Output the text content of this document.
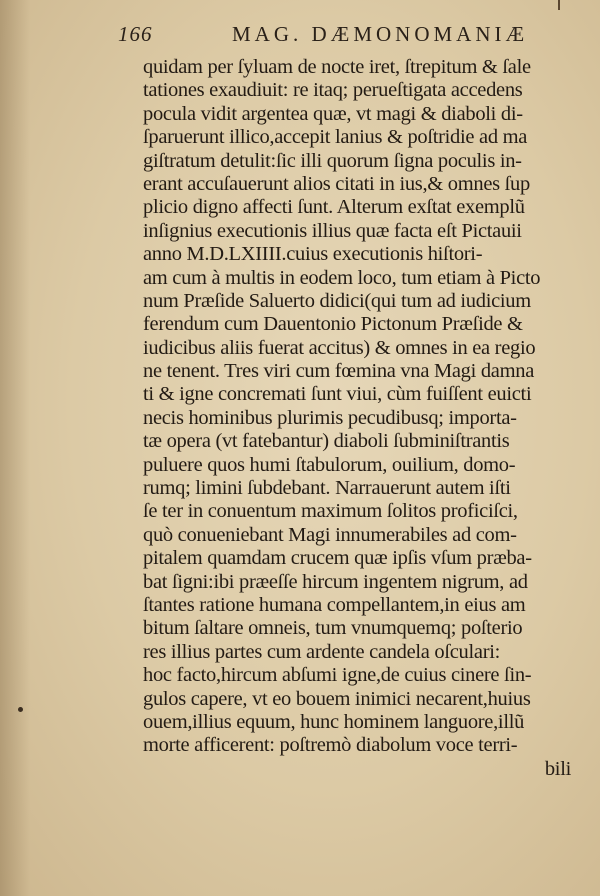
166	MAG. DÆMONOMANIÆ
quidam per ſyluam de nocte iret, ſtrepitum & ſale
tationes exaudiuit: re itaq; perueſtigata accedens
pocula vidit argentea quæ, vt magi & diaboli di-
ſparuerunt illico,accepit lanius & poſtridie ad ma
giſtratum detulit:ſic illi quorum ſigna poculis in-
erant accuſauerunt alios citati in ius,& omnes ſup
plicio digno affecti ſunt. Alterum exſtat exemplũ
inſignius executionis illius quæ facta eſt Pictauii
anno M.D.LXIIII.cuius executionis hiſtori-
am cum à multis in eodem loco, tum etiam à Picto
num Præſide Saluerto didici(qui tum ad iudicium
ferendum cum Dauentonio Pictonum Præſide &
iudicibus aliis fuerat accitus) & omnes in ea regio
ne tenent. Tres viri cum fœmina vna Magi damna
ti & igne concremati ſunt viui, cùm fuiſſent euicti
necis hominibus plurimis pecudibusq; importa-
tæ opera (vt fatebantur) diaboli ſubminiſtrantis
puluere quos humi ſtabulorum, ouilium, domo-
rumq; limini ſubdebant. Narrauerunt autem iſti
ſe ter in conuentum maximum ſolitos proficiſci,
quò conueniebant Magi innumerabiles ad com-
pitalem quamdam crucem quæ ipſis vſum præba-
bat ſigni:ibi præeſſe hircum ingentem nigrum, ad
ſtantes ratione humana compellantem,in eius am
bitum ſaltare omneis, tum vnumquemq; poſterio
res illius partes cum ardente candela oſculari:
hoc facto,hircum abſumi igne,de cuius cinere ſin-
gulos capere, vt eo bouem inimici necarent,huius
ouem,illius equum, hunc hominem languore,illũ
morte afficerent: poſtremò diabolum voce terri-
bili
